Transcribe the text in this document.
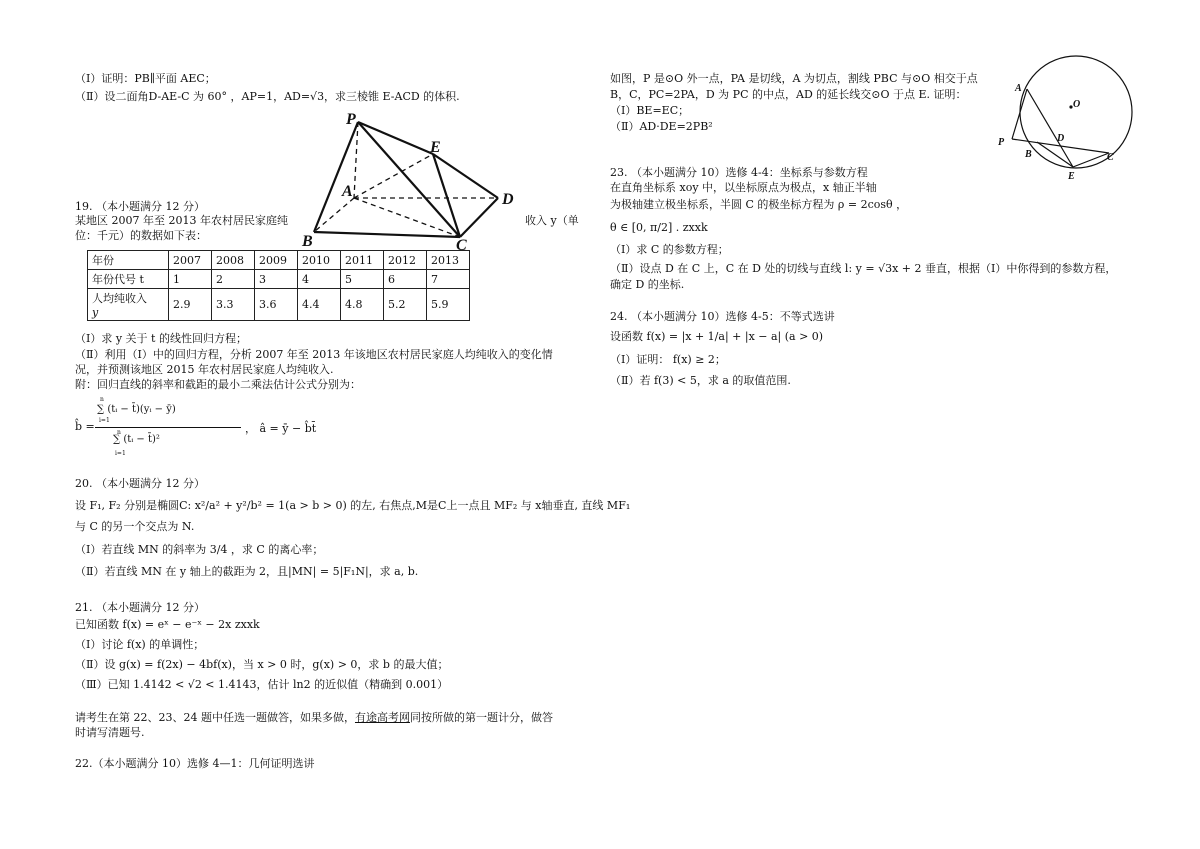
（Ⅰ）证明：PB∥平面 AEC；
（Ⅱ）设二面角D-AE-C 为 60° ，AP=1，AD=√3，求三棱锥 E-ACD 的体积.
P
E
A	D
B	C
19. （本小题满分 12 分）
某地区 2007 年至 2013 年农村居民家庭纯	收入 y（单
位：千元）的数据如下表：
年份	2007	2008	2009	2010	2011	2012	2013
年份代号 t	1	2	3	4	5	6	7
人均纯收入
y	2.9	3.3	3.6	4.4	4.8	5.2	5.9
（Ⅰ）求 y 关于 t 的线性回归方程；
（Ⅱ）利用（Ⅰ）中的回归方程，分析 2007 年至 2013 年该地区农村居民家庭人均纯收入的变化情
况，并预测该地区 2015 年农村居民家庭人均纯收入.
附：回归直线的斜率和截距的最小二乘法估计公式分别为：
b̂ =
∑ (tᵢ − t̄)(yᵢ − ȳ)
n
i=1
∑ (tᵢ − t̄)²
n
i=1
， â = ȳ − b̂t̄
20. （本小题满分 12 分）
设 F₁, F₂ 分别是椭圆C: x²/a² + y²/b² = 1(a > b > 0) 的左, 右焦点,M是C上一点且 MF₂ 与 x轴垂直, 直线 MF₁
与 C 的另一个交点为 N.
（Ⅰ）若直线 MN 的斜率为 3/4 ，求 C 的离心率；
（Ⅱ）若直线 MN 在 y 轴上的截距为 2，且|MN| = 5|F₁N|，求 a, b.
21. （本小题满分 12 分）
已知函数 f(x) = eˣ − e⁻ˣ − 2x zxxk
（Ⅰ）讨论 f(x) 的单调性；
（Ⅱ）设 g(x) = f(2x) − 4bf(x)，当 x > 0 时，g(x) > 0，求 b 的最大值；
（Ⅲ）已知 1.4142 < √2 < 1.4143，估计 ln2 的近似值（精确到 0.001）
请考生在第 22、23、24 题中任选一题做答，如果多做，有途高考网同按所做的第一题计分，做答
时请写清题号.
22.（本小题满分 10）选修 4—1：几何证明选讲
如图，P 是⊙O 外一点，PA 是切线，A 为切点，割线 PBC 与⊙O 相交于点
B，C，PC=2PA，D 为 PC 的中点，AD 的延长线交⊙O 于点 E. 证明：
（Ⅰ）BE=EC；
（Ⅱ）AD·DE=2PB²
A
O
P	D
B	C
E
23. （本小题满分 10）选修 4-4：坐标系与参数方程
在直角坐标系 xoy 中，以坐标原点为极点，x 轴正半轴
为极轴建立极坐标系，半圆 C 的极坐标方程为 ρ = 2cosθ ，
θ ∈ [0, π/2] . zxxk
（Ⅰ）求 C 的参数方程；
（Ⅱ）设点 D 在 C 上，C 在 D 处的切线与直线 l: y = √3x + 2 垂直，根据（Ⅰ）中你得到的参数方程，
确定 D 的坐标.
24. （本小题满分 10）选修 4-5：不等式选讲
设函数 f(x) = |x + 1/a| + |x − a| (a > 0)
（Ⅰ）证明： f(x) ≥ 2；
（Ⅱ）若 f(3) < 5，求 a 的取值范围.
